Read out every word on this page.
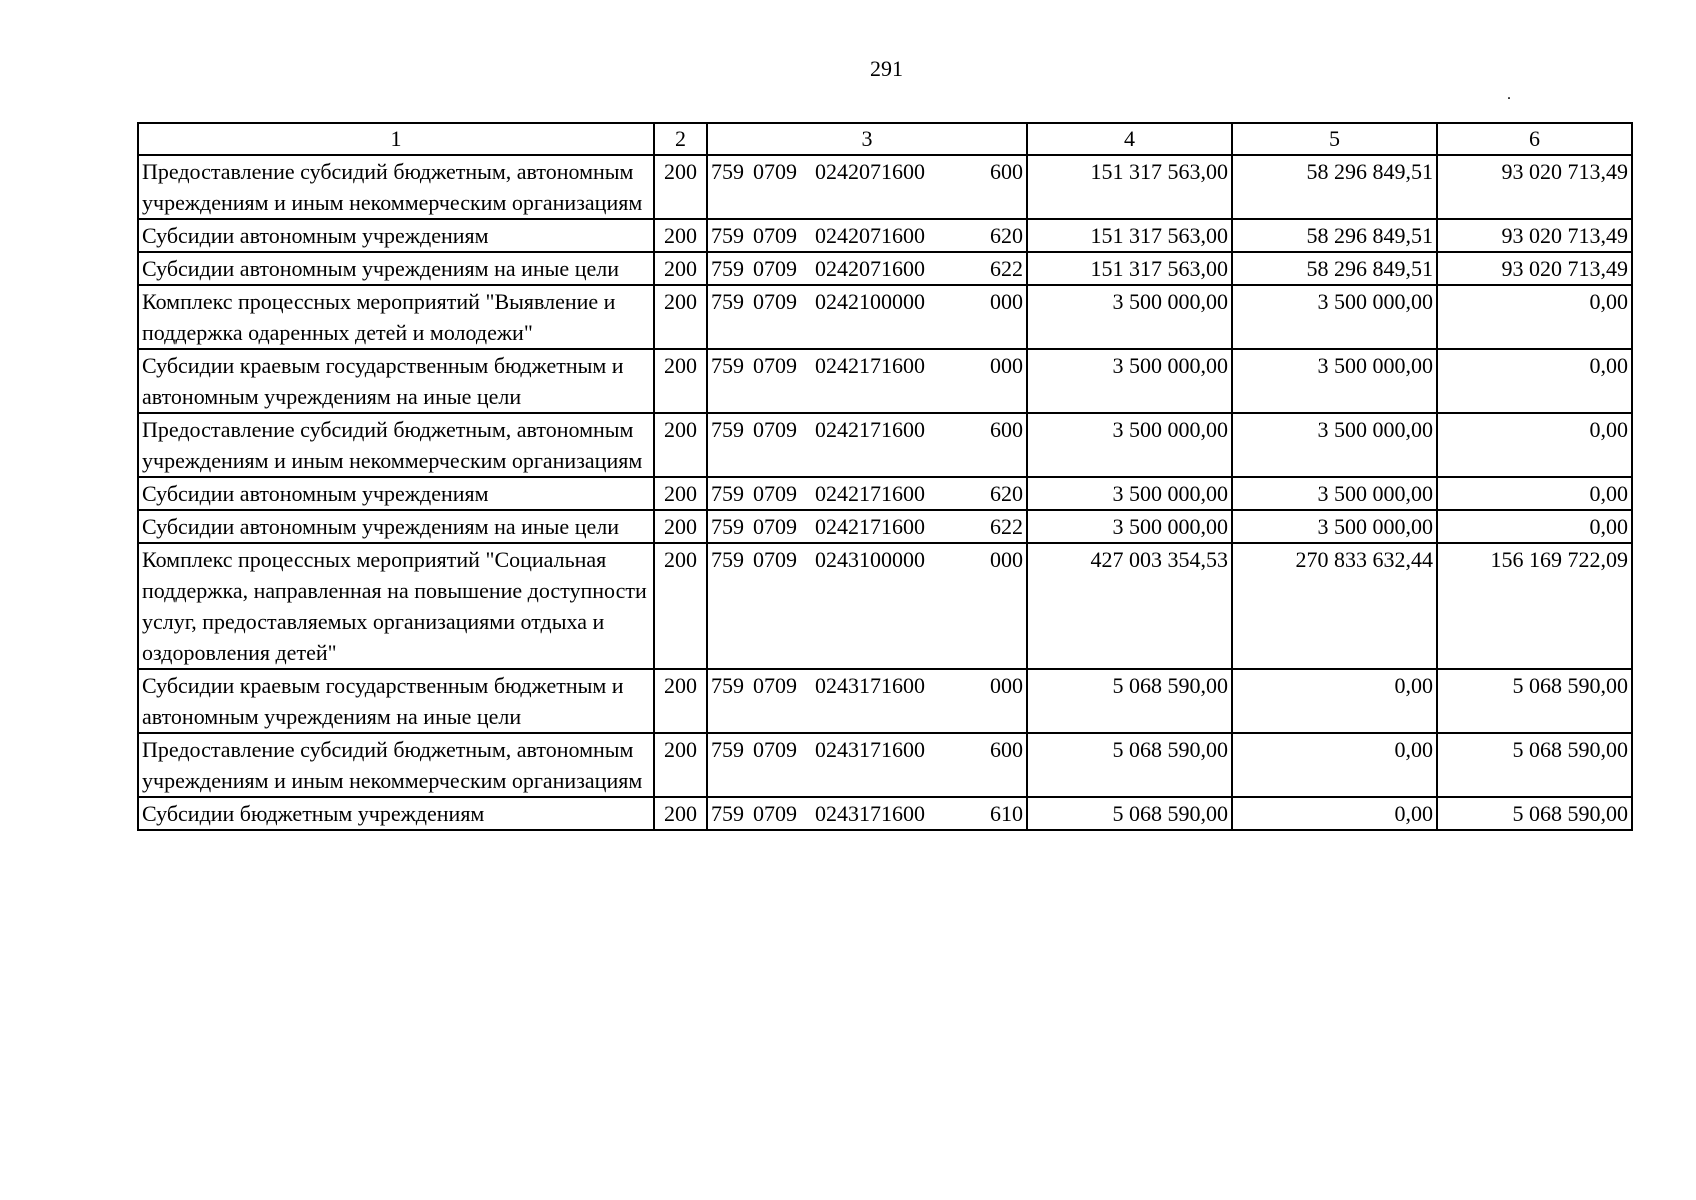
291
.
1	2	3	4	5	6
Предоставление субсидий бюджетным, автономным учреждениям и иным некоммерческим организациям	200	759 0709 0242071600 600	151 317 563,00	58 296 849,51	93 020 713,49
Субсидии автономным учреждениям	200	759 0709 0242071600 620	151 317 563,00	58 296 849,51	93 020 713,49
Субсидии автономным учреждениям на иные цели	200	759 0709 0242071600 622	151 317 563,00	58 296 849,51	93 020 713,49
Комплекс процессных мероприятий "Выявление и поддержка одаренных детей и молодежи"	200	759 0709 0242100000 000	3 500 000,00	3 500 000,00	0,00
Субсидии краевым государственным бюджетным и автономным учреждениям на иные цели	200	759 0709 0242171600 000	3 500 000,00	3 500 000,00	0,00
Предоставление субсидий бюджетным, автономным учреждениям и иным некоммерческим организациям	200	759 0709 0242171600 600	3 500 000,00	3 500 000,00	0,00
Субсидии автономным учреждениям	200	759 0709 0242171600 620	3 500 000,00	3 500 000,00	0,00
Субсидии автономным учреждениям на иные цели	200	759 0709 0242171600 622	3 500 000,00	3 500 000,00	0,00
Комплекс процессных мероприятий "Социальная поддержка, направленная на повышение доступности услуг, предоставляемых организациями отдыха и оздоровления детей"	200	759 0709 0243100000 000	427 003 354,53	270 833 632,44	156 169 722,09
Субсидии краевым государственным бюджетным и автономным учреждениям на иные цели	200	759 0709 0243171600 000	5 068 590,00	0,00	5 068 590,00
Предоставление субсидий бюджетным, автономным учреждениям и иным некоммерческим организациям	200	759 0709 0243171600 600	5 068 590,00	0,00	5 068 590,00
Субсидии бюджетным учреждениям	200	759 0709 0243171600 610	5 068 590,00	0,00	5 068 590,00
